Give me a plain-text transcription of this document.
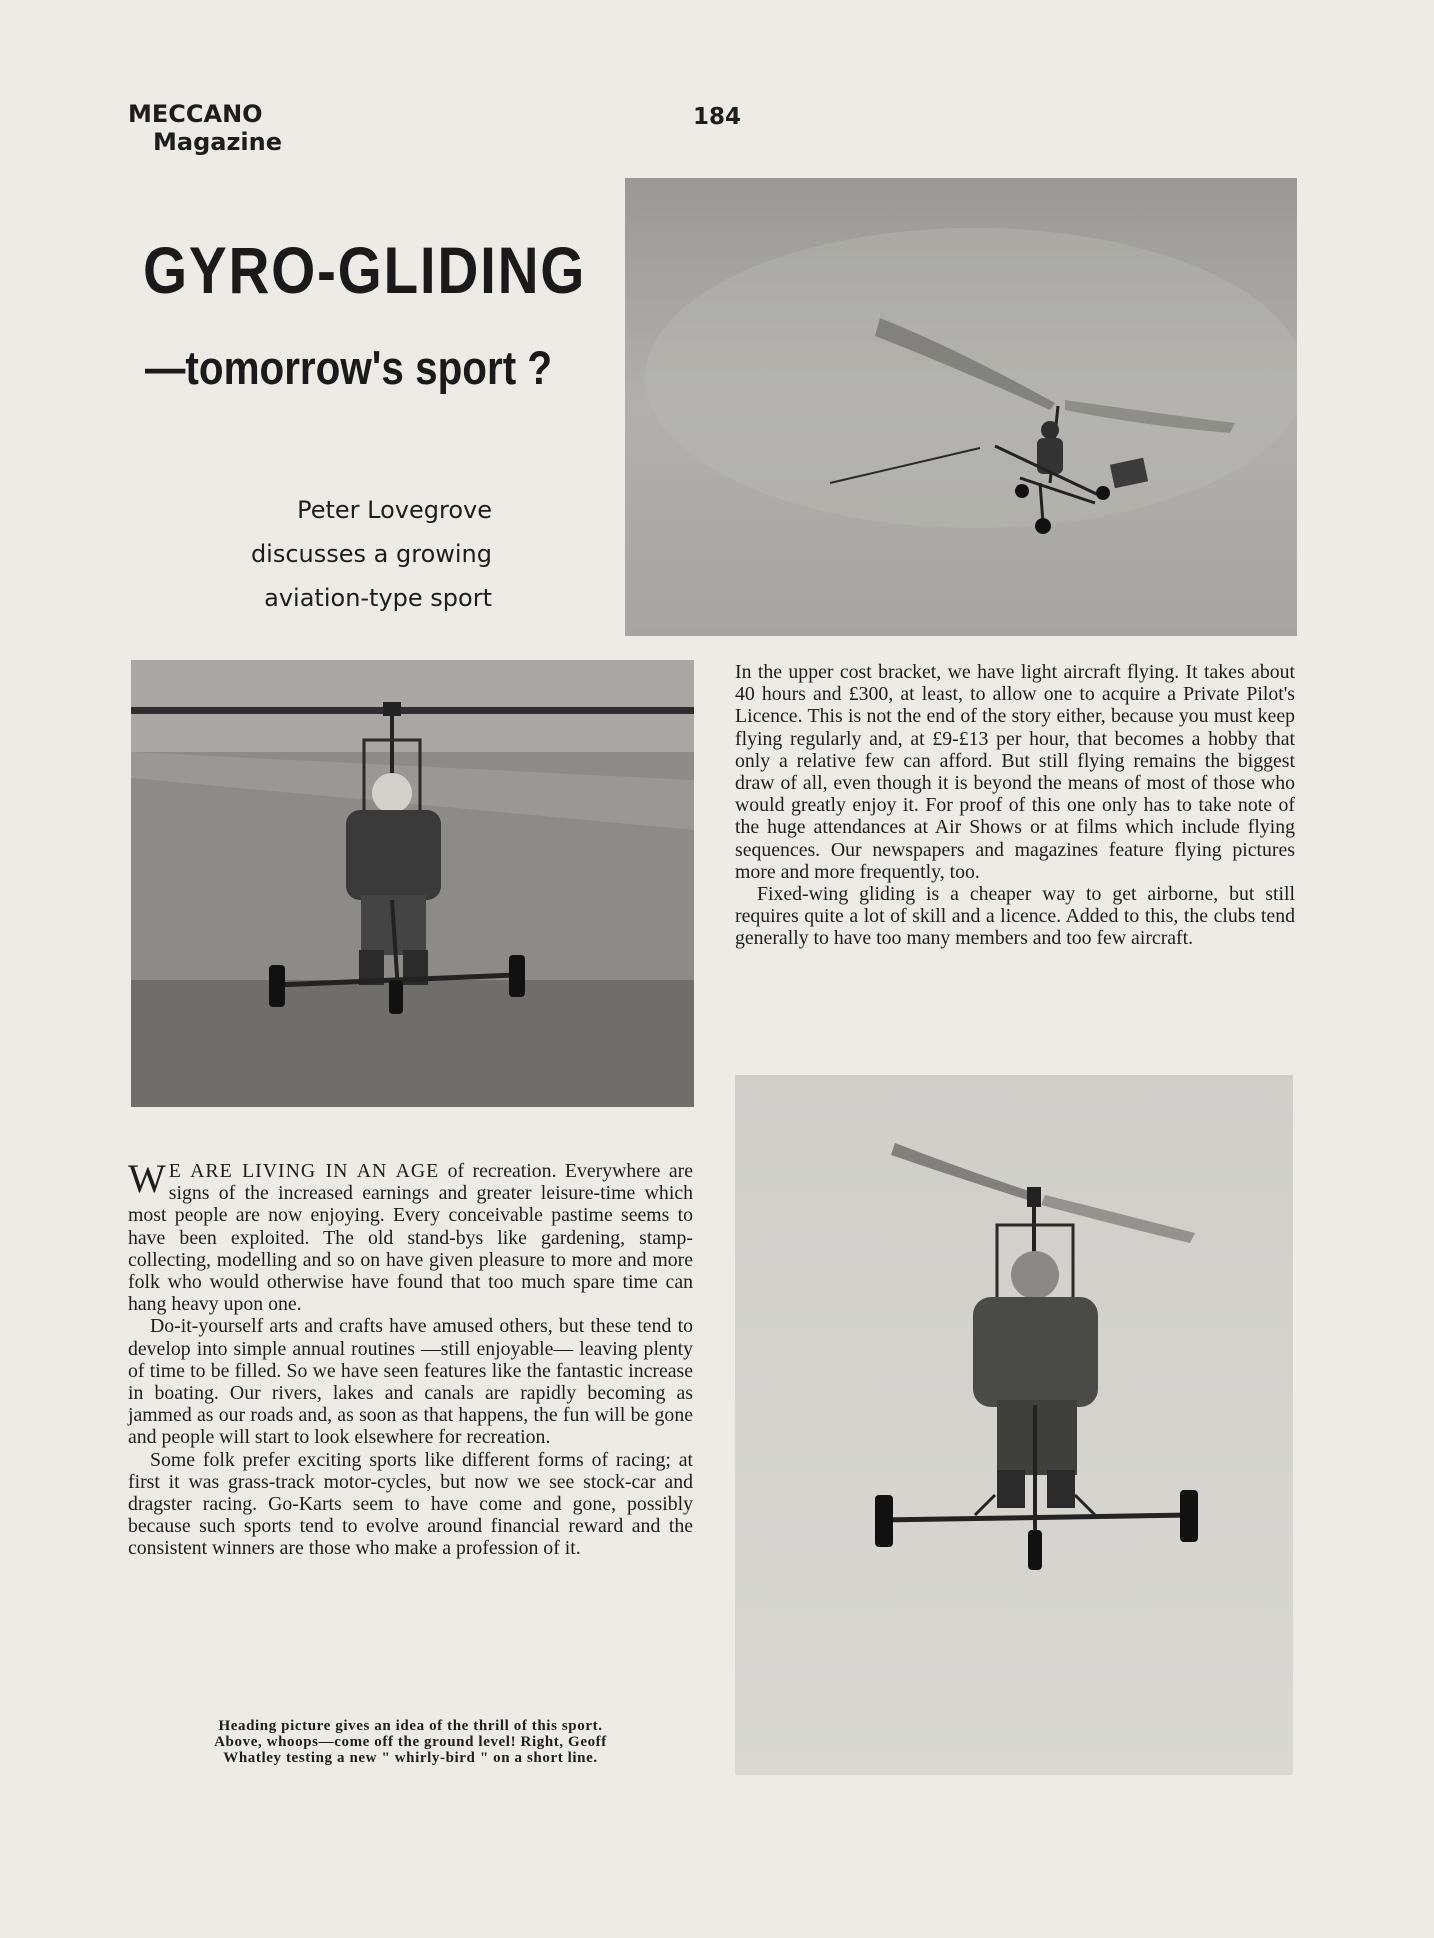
MECCANO
Magazine
184
GYRO-GLIDING
—tomorrow's sport ?
Peter Lovegrove
discusses a growing
aviation-type sport

In the upper cost bracket, we have light aircraft flying. It takes about 40 hours and £300, at least, to allow one to acquire a Private Pilot's Licence. This is not the end of the story either, because you must keep flying regularly and, at £9-£13 per hour, that becomes a hobby that only a relative few can afford. But still flying remains the biggest draw of all, even though it is beyond the means of most of those who would greatly enjoy it. For proof of this one only has to take note of the huge attendances at Air Shows or at films which include flying sequences. Our newspapers and magazines feature flying pictures more and more frequently, too.

Fixed-wing gliding is a cheaper way to get airborne, but still requires quite a lot of skill and a licence. Added to this, the clubs tend generally to have too many members and too few aircraft.

W E ARE LIVING IN AN AGE of recreation. Everywhere are signs of the increased earnings and greater leisure-time which most people are now enjoying. Every conceivable pastime seems to have been exploited. The old stand-bys like gardening, stamp-collecting, modelling and so on have given pleasure to more and more folk who would otherwise have found that too much spare time can hang heavy upon one.

Do-it-yourself arts and crafts have amused others, but these tend to develop into simple annual routines —still enjoyable— leaving plenty of time to be filled. So we have seen features like the fantastic increase in boating. Our rivers, lakes and canals are rapidly becoming as jammed as our roads and, as soon as that happens, the fun will be gone and people will start to look elsewhere for recreation.

Some folk prefer exciting sports like different forms of racing; at first it was grass-track motor-cycles, but now we see stock-car and dragster racing. Go-Karts seem to have come and gone, possibly because such sports tend to evolve around financial reward and the consistent winners are those who make a profession of it.

Heading picture gives an idea of the thrill of this sport.
Above, whoops—come off the ground level! Right, Geoff
Whatley testing a new " whirly-bird " on a short line.
